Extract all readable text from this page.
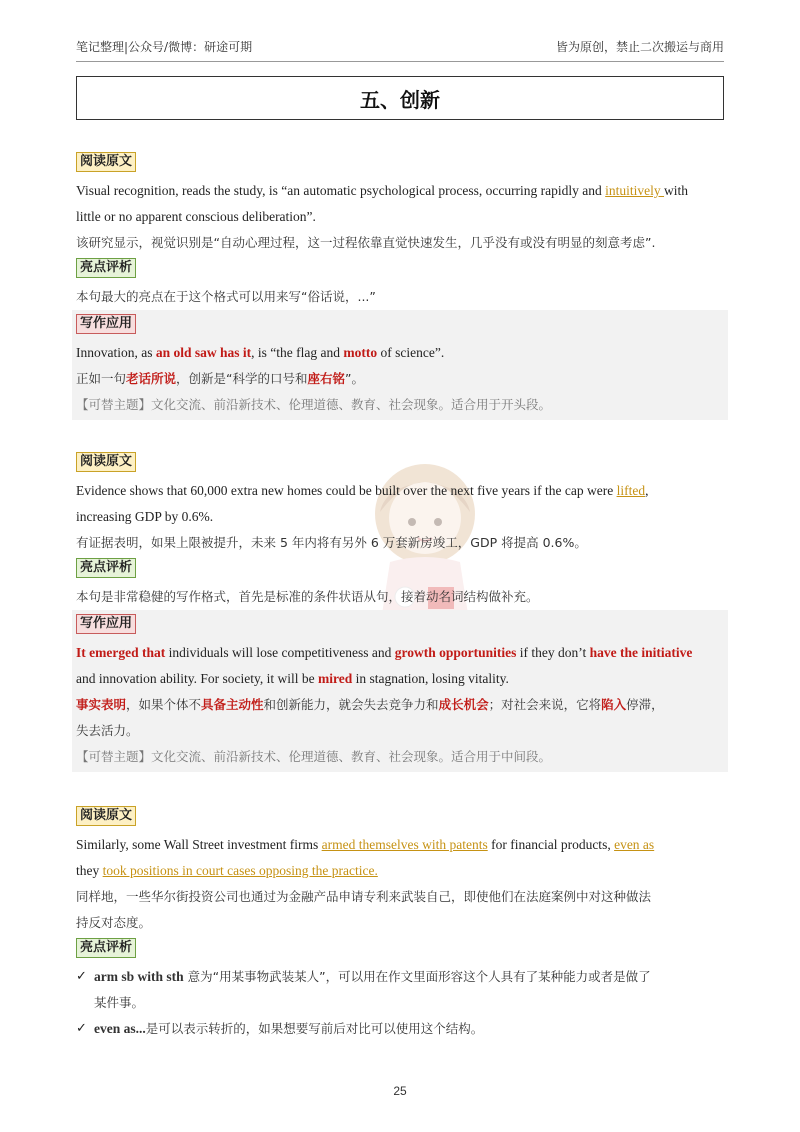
笔记整理|公众号/微博：研途可期	皆为原创，禁止二次搬运与商用
五、创新
阅读原文

Visual recognition, reads the study, is “an automatic psychological process, occurring rapidly and intuitively with

little or no apparent conscious deliberation”.

该研究显示，视觉识别是“自动心理过程，这一过程依靠直觉快速发生，几乎没有或没有明显的刻意考虑”.

亮点评析

本句最大的亮点在于这个格式可以用来写“俗话说，...”

写作应用

Innovation, as an old saw has it, is “the flag and motto of science”.

正如一句老话所说，创新是“科学的口号和座右铭”。

【可替主题】文化交流、前沿新技术、伦理道德、教育、社会现象。适合用于开头段。

阅读原文

Evidence shows that 60,000 extra new homes could be built over the next five years if the cap were lifted,

increasing GDP by 0.6%.

有证据表明，如果上限被提升，未来 5 年内将有另外 6 万套新房竣工，GDP 将提高 0.6%。

亮点评析

本句是非常稳健的写作格式，首先是标准的条件状语从句，接着动名词结构做补充。

写作应用

It emerged that individuals will lose competitiveness and growth opportunities if they don’t have the initiative

and innovation ability. For society, it will be mired in stagnation, losing vitality.

事实表明，如果个体不具备主动性和创新能力，就会失去竞争力和成长机会；对社会来说，它将陷入停滞，

失去活力。

【可替主题】文化交流、前沿新技术、伦理道德、教育、社会现象。适合用于中间段。

阅读原文

Similarly, some Wall Street investment firms armed themselves with patents for financial products, even as

they took positions in court cases opposing the practice.

同样地，一些华尔街投资公司也通过为金融产品申请专利来武装自己，即使他们在法庭案例中对这种做法

持反对态度。

亮点评析
✓ arm sb with sth 意为“用某事物武装某人”，可以用在作文里面形容这个人具有了某种能力或者是做了

某件事。

✓ even as...是可以表示转折的，如果想要写前后对比可以使用这个结构。

25
